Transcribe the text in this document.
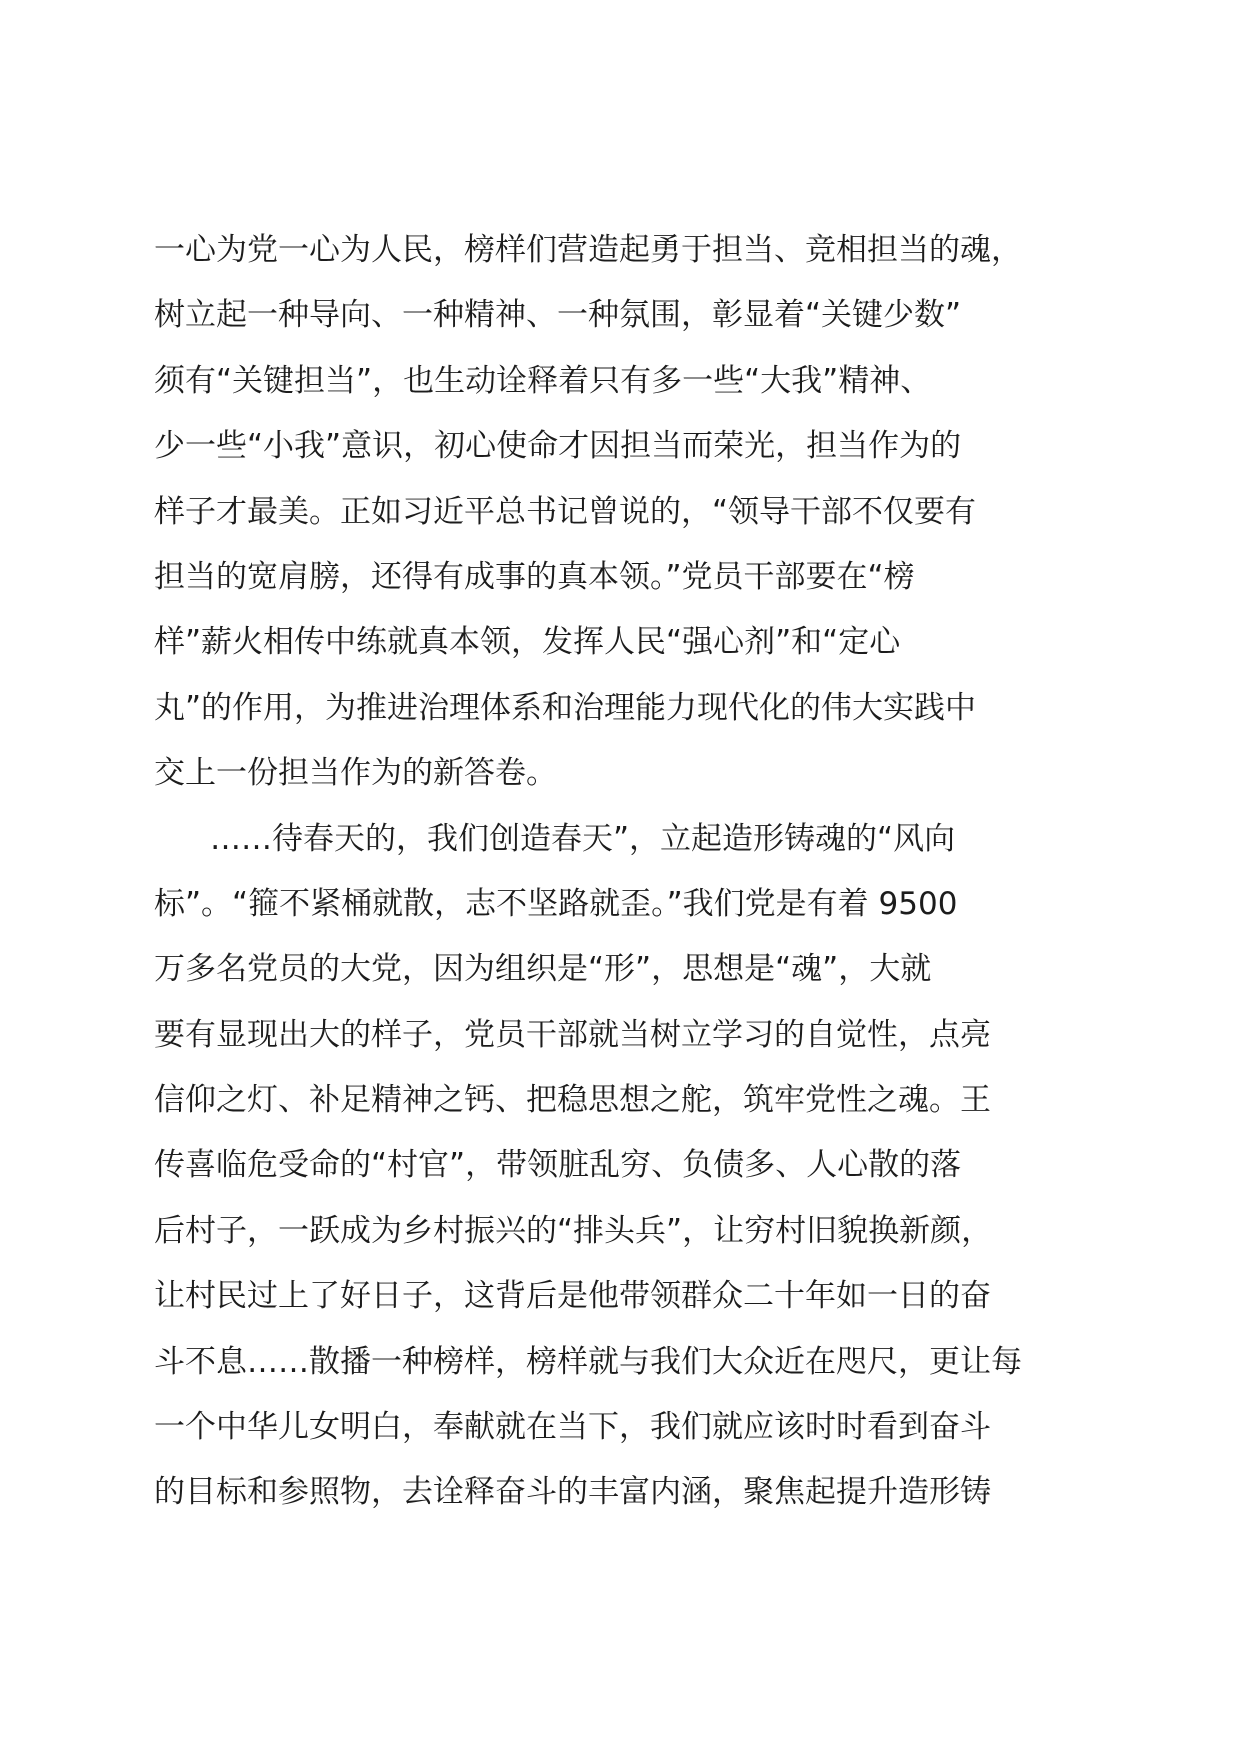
一心为党一心为人民，榜样们营造起勇于担当、竞相担当的魂，

树立起一种导向、一种精神、一种氛围，彰显着“关键少数”

须有“关键担当”，也生动诠释着只有多一些“大我”精神、

少一些“小我”意识，初心使命才因担当而荣光，担当作为的

样子才最美。正如习近平总书记曾说的，“领导干部不仅要有

担当的宽肩膀，还得有成事的真本领。”党员干部要在“榜

样”薪火相传中练就真本领，发挥人民“强心剂”和“定心

丸”的作用，为推进治理体系和治理能力现代化的伟大实践中

交上一份担当作为的新答卷。

……待春天的，我们创造春天”，立起造形铸魂的“风向

标”。“箍不紧桶就散，志不坚路就歪。”我们党是有着 9500

万多名党员的大党，因为组织是“形”，思想是“魂”，大就

要有显现出大的样子，党员干部就当树立学习的自觉性，点亮

信仰之灯、补足精神之钙、把稳思想之舵，筑牢党性之魂。王

传喜临危受命的“村官”，带领脏乱穷、负债多、人心散的落

后村子，一跃成为乡村振兴的“排头兵”，让穷村旧貌换新颜，

让村民过上了好日子，这背后是他带领群众二十年如一日的奋

斗不息……散播一种榜样，榜样就与我们大众近在咫尺，更让每

一个中华儿女明白，奉献就在当下，我们就应该时时看到奋斗

的目标和参照物，去诠释奋斗的丰富内涵，聚焦起提升造形铸
